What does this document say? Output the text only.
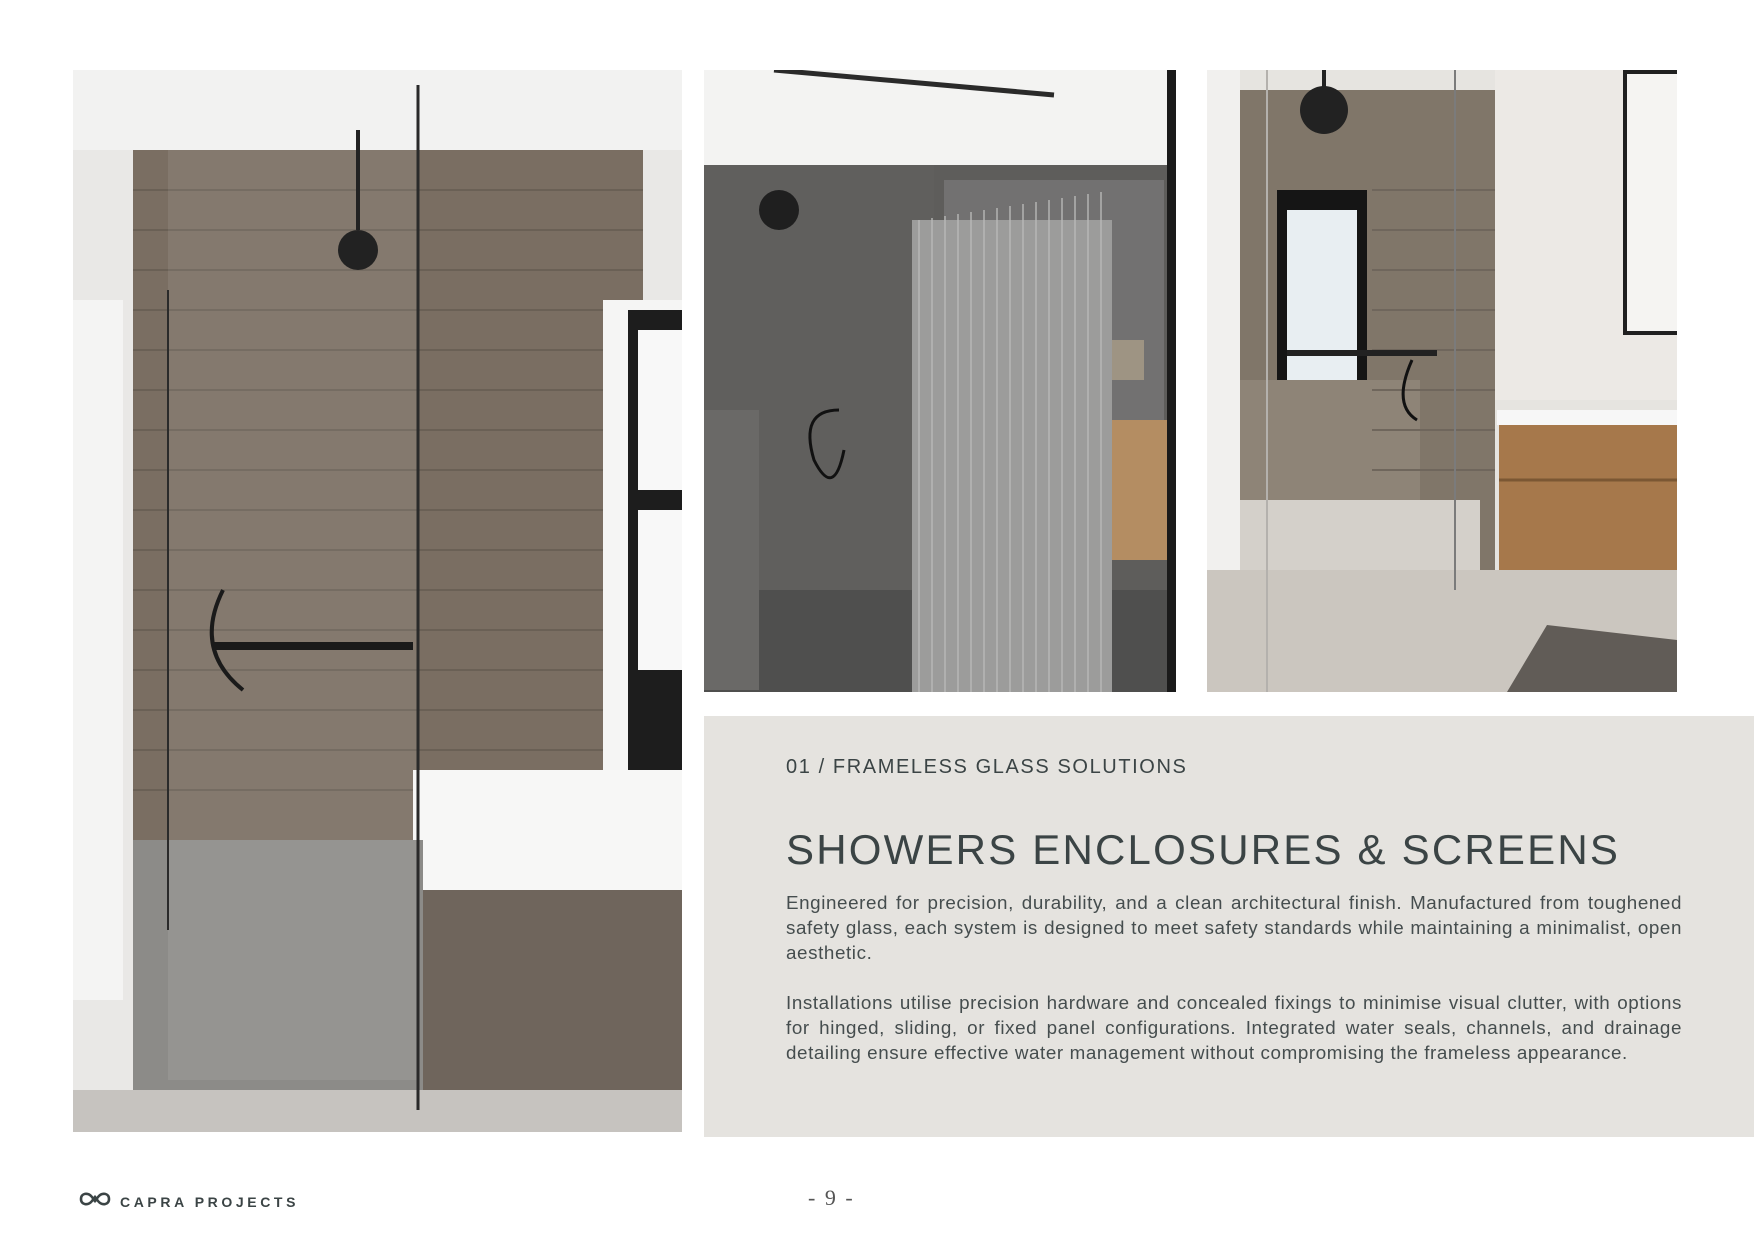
01 / FRAMELESS GLASS SOLUTIONS
SHOWERS ENCLOSURES & SCREENS

Engineered for precision, durability, and a clean architectural finish. Manufactured from toughened safety glass, each system is designed to meet safety standards while maintaining a minimalist, open aesthetic.

Installations utilise precision hardware and concealed fixings to minimise visual clutter, with options for hinged, sliding, or fixed panel configurations. Integrated water seals, channels, and drainage detailing ensure effective water management without compromising the frameless appearance.

CAPRA PROJECTS	- 9 -
